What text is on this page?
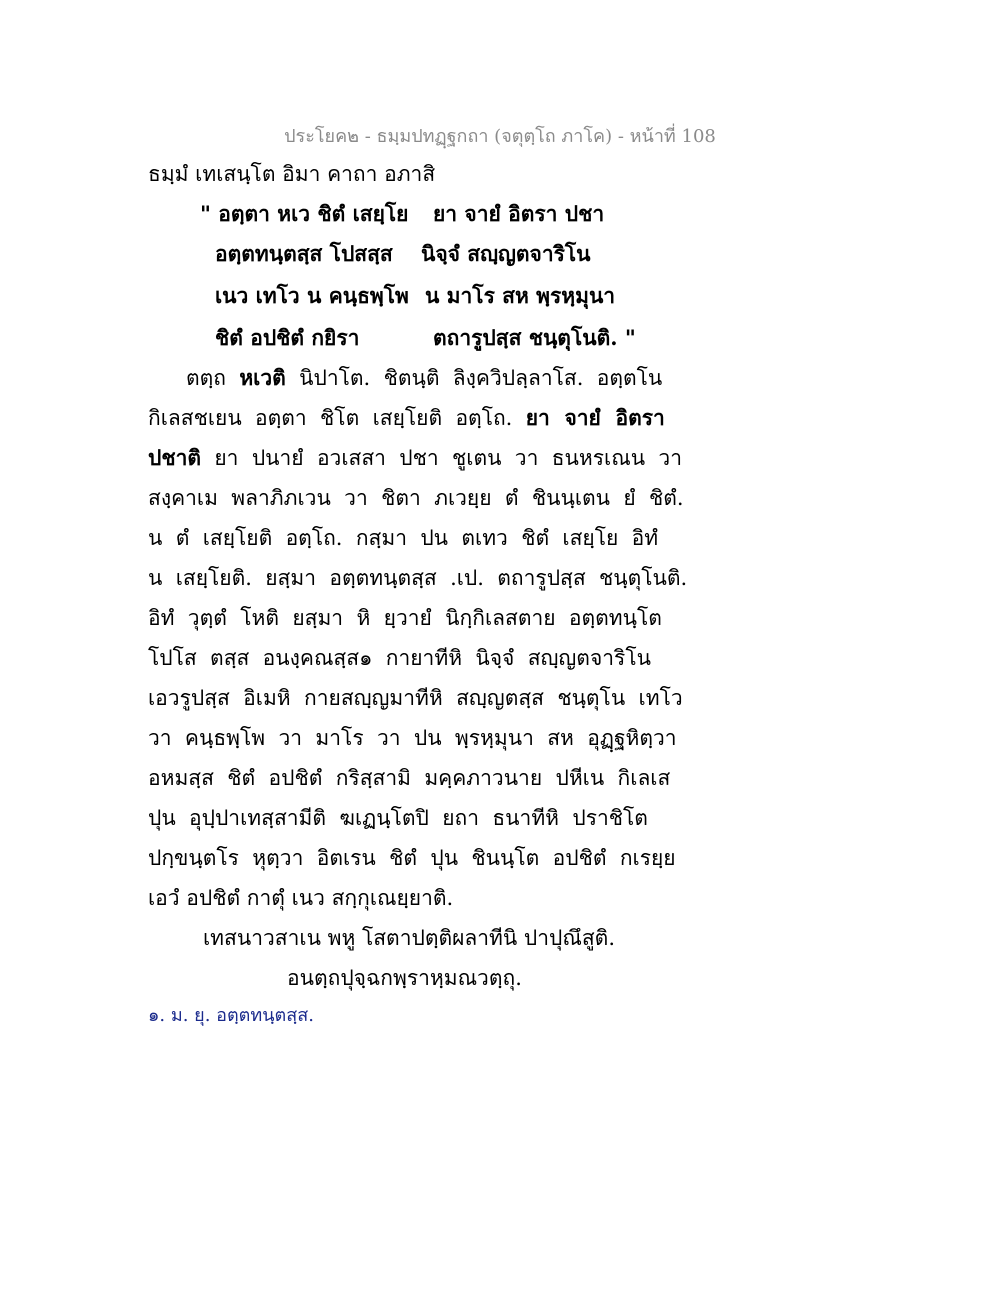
ประโยค๒ - ธมฺมปทฏฺฐกถา (จตุตฺโถ ภาโค) - หน้าที่ 108
ธมฺมํ เทเสนฺโต อิมา คาถา อภาสิ
" อตฺตา หเว ชิตํ เสยฺโย ยา จายํ อิตรา ปชา
อตฺตทนฺตสฺส โปสสฺส นิจฺจํ สญฺญตจาริโน
เนว เทโว น คนฺธพฺโพ น มาโร สห พฺรหฺมุนา
ชิตํ อปชิตํ กยิรา	ตถารูปสฺส ชนฺตุโนติ. "
ตตฺถ  หเวติ  นิปาโต.  ชิตนฺติ  ลิงฺควิปลฺลาโส.  อตฺตโน
กิเลสชเยน  อตฺตา  ชิโต  เสยฺโยติ  อตฺโถ.  ยา  จายํ  อิตรา
ปชาติ  ยา  ปนายํ  อวเสสา  ปชา  ชูเตน  วา  ธนหรเณน  วา
สงฺคาเม  พลาภิภเวน  วา  ชิตา  ภเวยฺย  ตํ  ชินนฺเตน  ยํ  ชิตํ.
น  ตํ  เสยฺโยติ  อตฺโถ.  กสฺมา  ปน  ตเทว  ชิตํ  เสยฺโย  อิทํ
น  เสยฺโยติ.  ยสฺมา  อตฺตทนฺตสฺส  .เป.  ตถารูปสฺส  ชนฺตุโนติ.
อิทํ  วุตฺตํ  โหติ  ยสฺมา  หิ  ยฺวายํ  นิกฺกิเลสตาย  อตฺตทนฺโต
โปโส  ตสฺส  อนงฺคณสฺส๑  กายาทีหิ  นิจฺจํ  สญฺญตจาริโน
เอวรูปสฺส  อิเมหิ  กายสญฺญมาทีหิ  สญฺญตสฺส  ชนฺตุโน  เทโว
วา  คนฺธพฺโพ  วา  มาโร  วา  ปน  พฺรหฺมุนา  สห  อุฏฺฐหิตฺวา
อหมสฺส  ชิตํ  อปชิตํ  กริสฺสามิ  มคฺคภาวนาย  ปหีเน  กิเลเส
ปุน  อุปฺปาเทสฺสามีติ  ฆเฏนฺโตปิ  ยถา  ธนาทีหิ  ปราชิโต
ปกฺขนฺตโร  หุตฺวา  อิตเรน  ชิตํ  ปุน  ชินนฺโต  อปชิตํ  กเรยฺย
เอวํ อปชิตํ กาตุํ เนว สกฺกุเณยฺยาติ.
เทสนาวสาเน พหู โสตาปตฺติผลาทีนิ ปาปุณึสูติ.
อนตฺถปุจฺฉกพฺราหฺมณวตฺถุ.
๑. ม. ยุ. อตฺตทนฺตสฺส.
